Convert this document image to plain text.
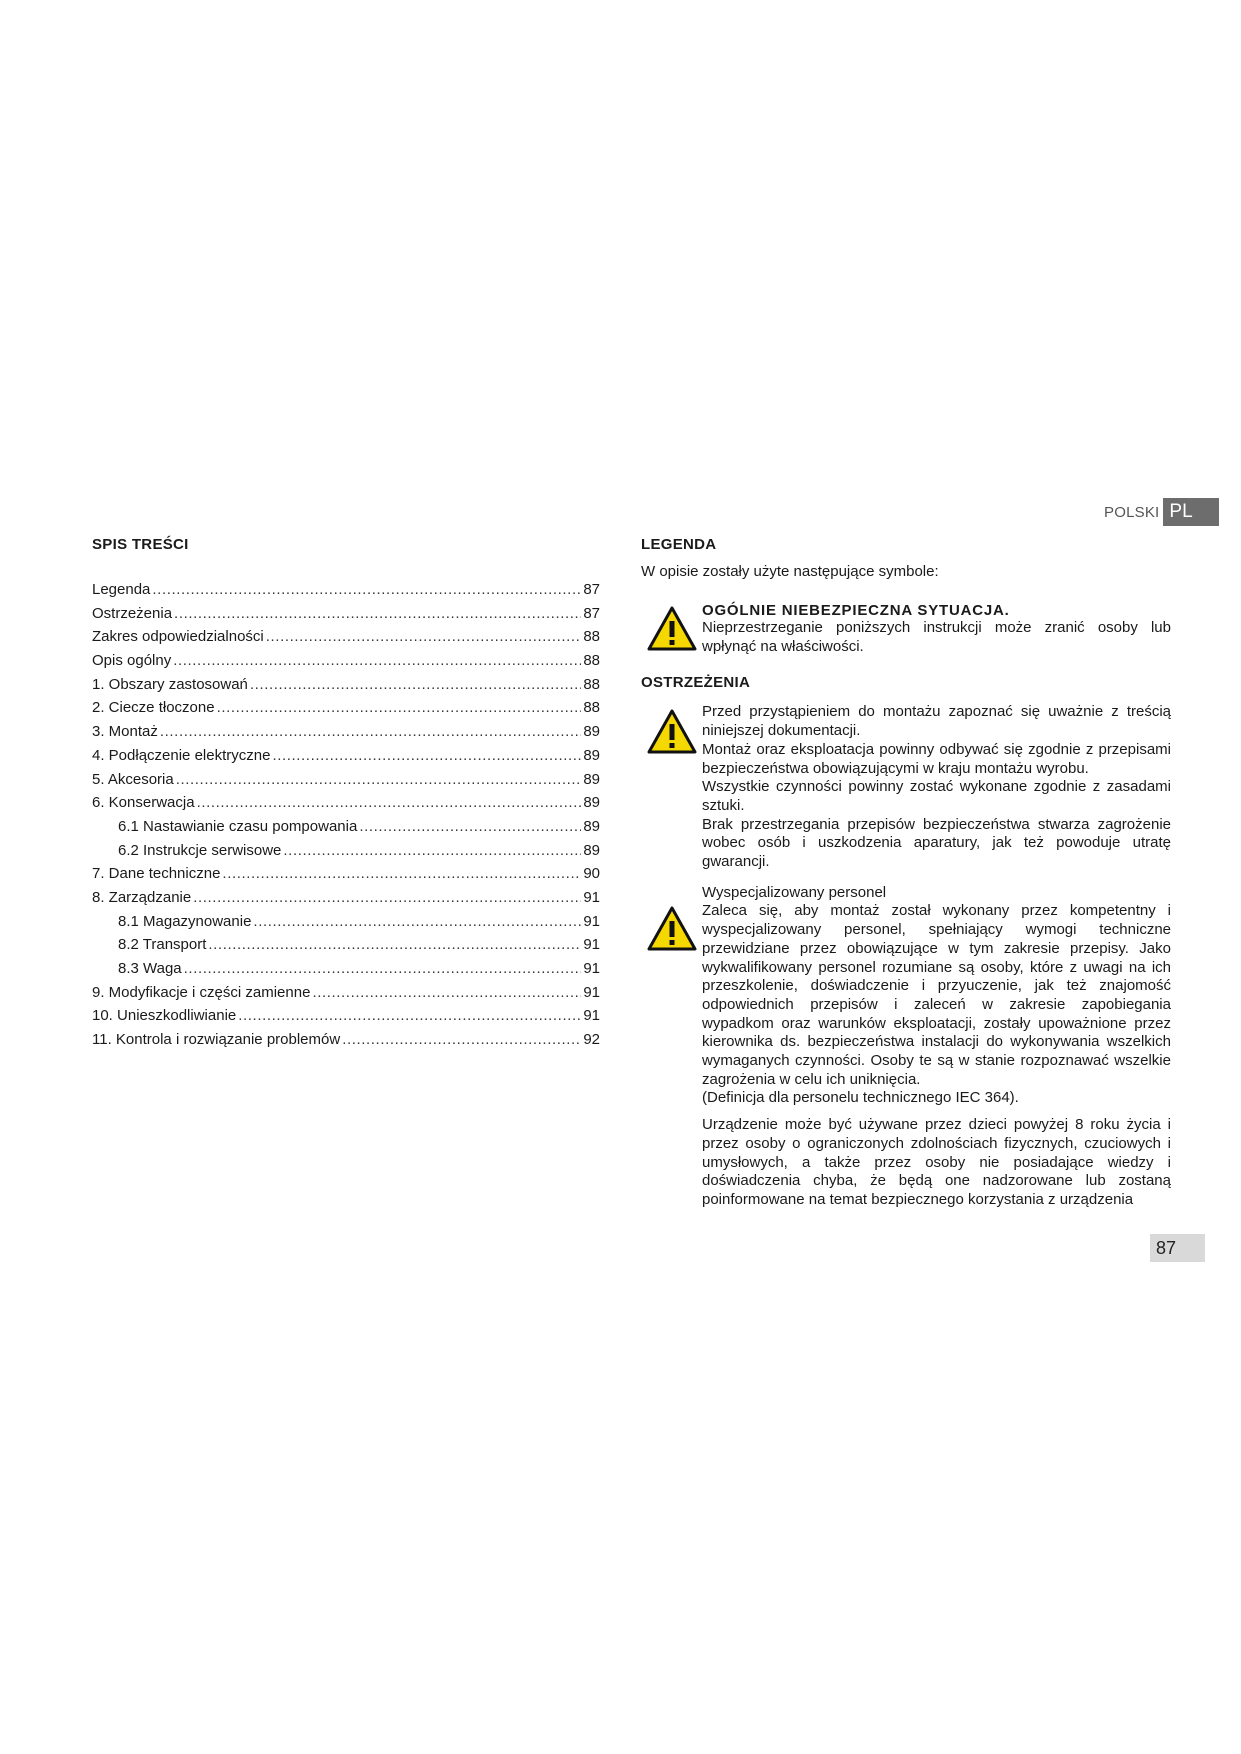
POLSKI PL
SPIS TREŚCI
Legenda .....	87
Ostrzeżenia .....	87
Zakres odpowiedzialności .....	88
Opis ogólny .....	88
1. Obszary zastosowań .....	88
2. Ciecze tłoczone .....	88
3. Montaż .....	89
4. Podłączenie elektryczne .....	89
5. Akcesoria .....	89
6. Konserwacja .....	89
6.1 Nastawianie czasu pompowania .....	89
6.2 Instrukcje serwisowe .....	89
7. Dane techniczne .....	90
8. Zarządzanie .....	91
8.1 Magazynowanie .....	91
8.2 Transport .....	91
8.3 Waga .....	91
9. Modyfikacje i części zamienne .....	91
10. Unieszkodliwianie .....	91
11. Kontrola i rozwiązanie problemów .....	92
LEGENDA

W opisie zostały użyte następujące symbole:

OGÓLNIE NIEBEZPIECZNA SYTUACJA.

Nieprzestrzeganie poniższych instrukcji może zranić osoby lub wpłynąć na właściwości.

OSTRZEŻENIA

Przed przystąpieniem do montażu zapoznać się uważnie z treścią niniejszej dokumentacji.

Montaż oraz eksploatacja powinny odbywać się zgodnie z przepisami bezpieczeństwa obowiązującymi w kraju montażu wyrobu.

Wszystkie czynności powinny zostać wykonane zgodnie z zasadami sztuki.

Brak przestrzegania przepisów bezpieczeństwa stwarza zagrożenie wobec osób i uszkodzenia aparatury, jak też powoduje utratę gwarancji.

Wyspecjalizowany personel

Zaleca się, aby montaż został wykonany przez kompetentny i wyspecjalizowany personel, spełniający wymogi techniczne przewidziane przez obowiązujące w tym zakresie przepisy. Jako wykwalifikowany personel rozumiane są osoby, które z uwagi na ich przeszkolenie, doświadczenie i przyuczenie, jak też znajomość odpowiednich przepisów i zaleceń w zakresie zapobiegania wypadkom oraz warunków eksploatacji, zostały upoważnione przez kierownika ds. bezpieczeństwa instalacji do wykonywania wszelkich wymaganych czynności. Osoby te są w stanie rozpoznawać wszelkie zagrożenia w celu ich uniknięcia.

(Definicja dla personelu technicznego IEC 364).

Urządzenie może być używane przez dzieci powyżej 8 roku życia i przez osoby o ograniczonych zdolnościach fizycznych, czuciowych i umysłowych, a także przez osoby nie posiadające wiedzy i doświadczenia chyba, że będą one nadzorowane lub zostaną poinformowane na temat bezpiecznego korzystania z urządzenia

87
